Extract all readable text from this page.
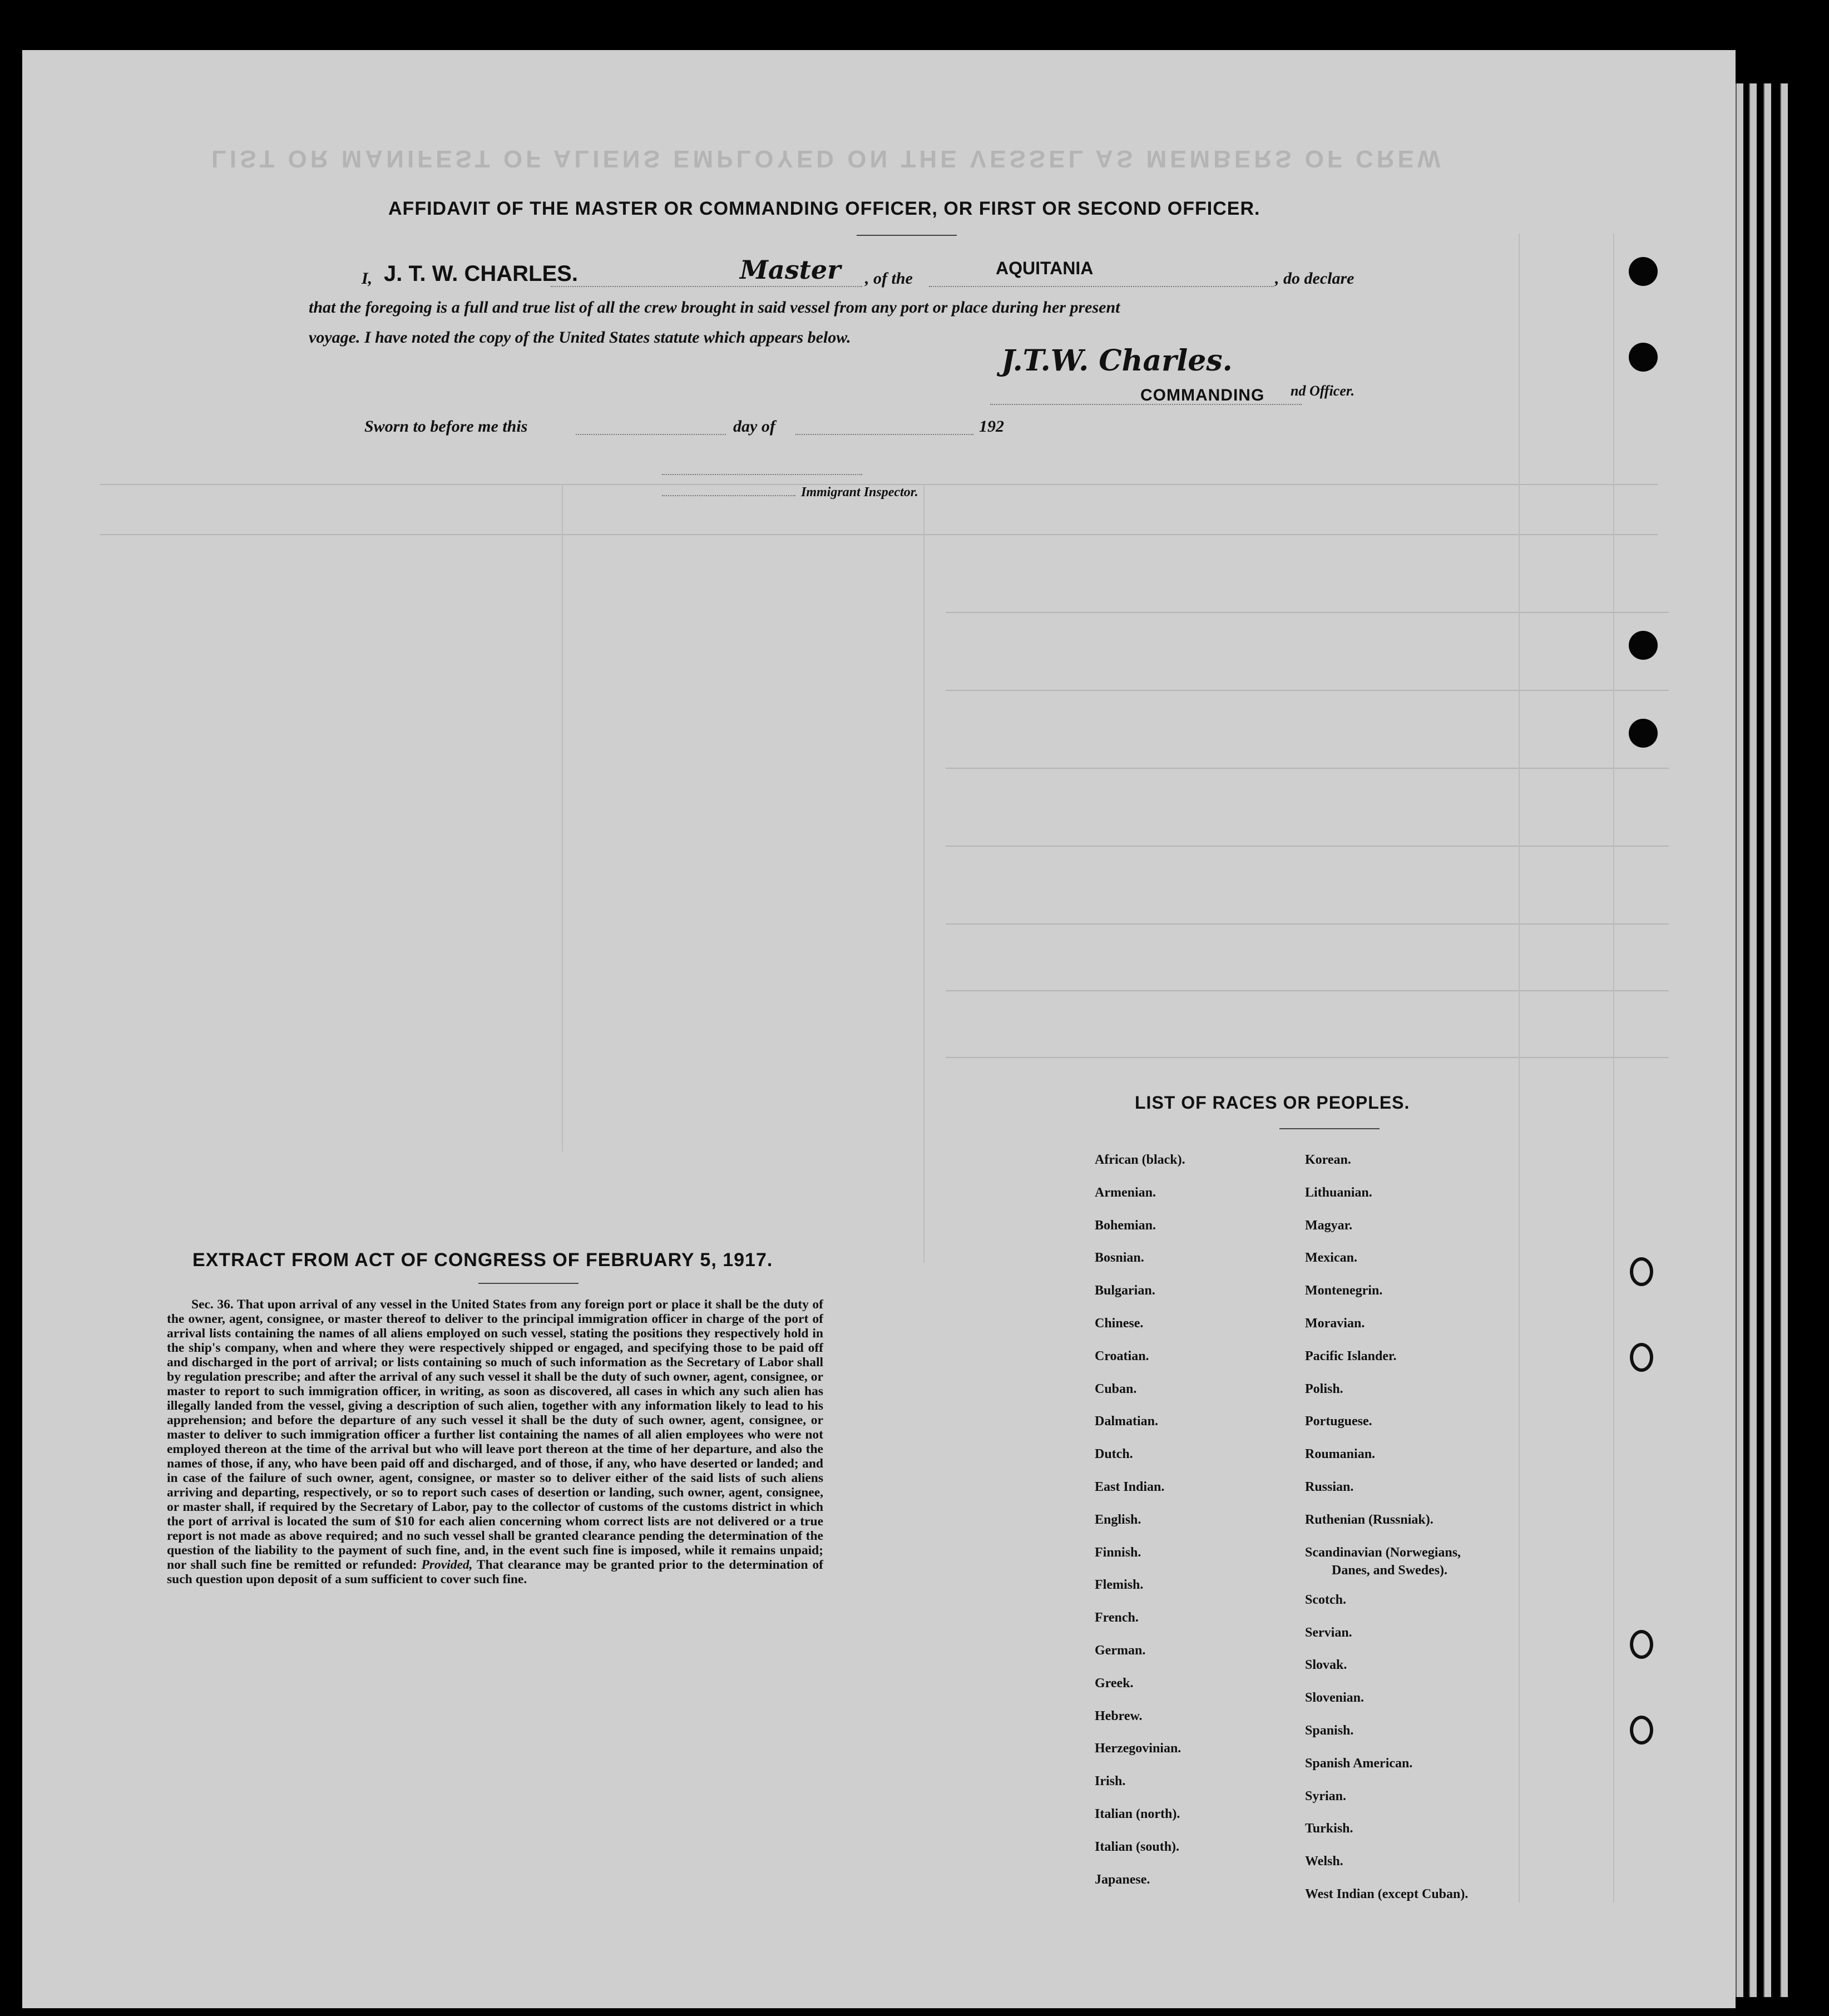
LIST OR MANIFEST OF ALIENS EMPLOYED ON THE VESSEL AS MEMBERS OF CREW
AFFIDAVIT OF THE MASTER OR COMMANDING OFFICER, OR FIRST OR SECOND OFFICER.
I, J. T. W. CHARLES.	Master , of the
AQUITANIA
, do declare
that the foregoing is a full and true list of all the crew brought in said vessel from any port or place during her present
voyage. I have noted the copy of the United States statute which appears below.
J.T.W. Charles.
COMMANDING nd Officer.
Sworn to before me this	day of	192
Immigrant Inspector.
EXTRACT FROM ACT OF CONGRESS OF FEBRUARY 5, 1917.
Sec. 36. That upon arrival of any vessel in the United States from any foreign port or place it shall be the duty of the owner, agent, consignee, or master thereof to deliver to the principal immigration officer in charge of the port of arrival lists containing the names of all aliens employed on such vessel, stating the positions they respectively hold in the ship's company, when and where they were respectively shipped or engaged, and specifying those to be paid off and discharged in the port of arrival; or lists containing so much of such information as the Secretary of Labor shall by regulation prescribe; and after the arrival of any such vessel it shall be the duty of such owner, agent, consignee, or master to report to such immigration officer, in writing, as soon as discovered, all cases in which any such alien has illegally landed from the vessel, giving a description of such alien, together with any information likely to lead to his apprehension; and before the departure of any such vessel it shall be the duty of such owner, agent, consignee, or master to deliver to such immigration officer a further list containing the names of all alien employees who were not employed thereon at the time of the arrival but who will leave port thereon at the time of her departure, and also the names of those, if any, who have been paid off and discharged, and of those, if any, who have deserted or landed; and in case of the failure of such owner, agent, consignee, or master so to deliver either of the said lists of such aliens arriving and departing, respectively, or so to report such cases of desertion or landing, such owner, agent, consignee, or master shall, if required by the Secretary of Labor, pay to the collector of customs of the customs district in which the port of arrival is located the sum of $10 for each alien concerning whom correct lists are not delivered or a true report is not made as above required; and no such vessel shall be granted clearance pending the determination of the question of the liability to the payment of such fine, and, in the event such fine is imposed, while it remains unpaid; nor shall such fine be remitted or refunded: Provided, That clearance may be granted prior to the determination of such question upon deposit of a sum sufficient to cover such fine.
LIST OF RACES OR PEOPLES.
African (black).
Armenian.
Bohemian.
Bosnian.
Bulgarian.
Chinese.
Croatian.
Cuban.
Dalmatian.
Dutch.
East Indian.
English.
Finnish.
Flemish.
French.
German.
Greek.
Hebrew.
Herzegovinian.
Irish.
Italian (north).
Italian (south).
Japanese.
Korean.
Lithuanian.
Magyar.
Mexican.
Montenegrin.
Moravian.
Pacific Islander.
Polish.
Portuguese.
Roumanian.
Russian.
Ruthenian (Russniak).
Scandinavian (Norwegians,
Danes, and Swedes).
Scotch.
Servian.
Slovak.
Slovenian.
Spanish.
Spanish American.
Syrian.
Turkish.
Welsh.
West Indian (except Cuban).
